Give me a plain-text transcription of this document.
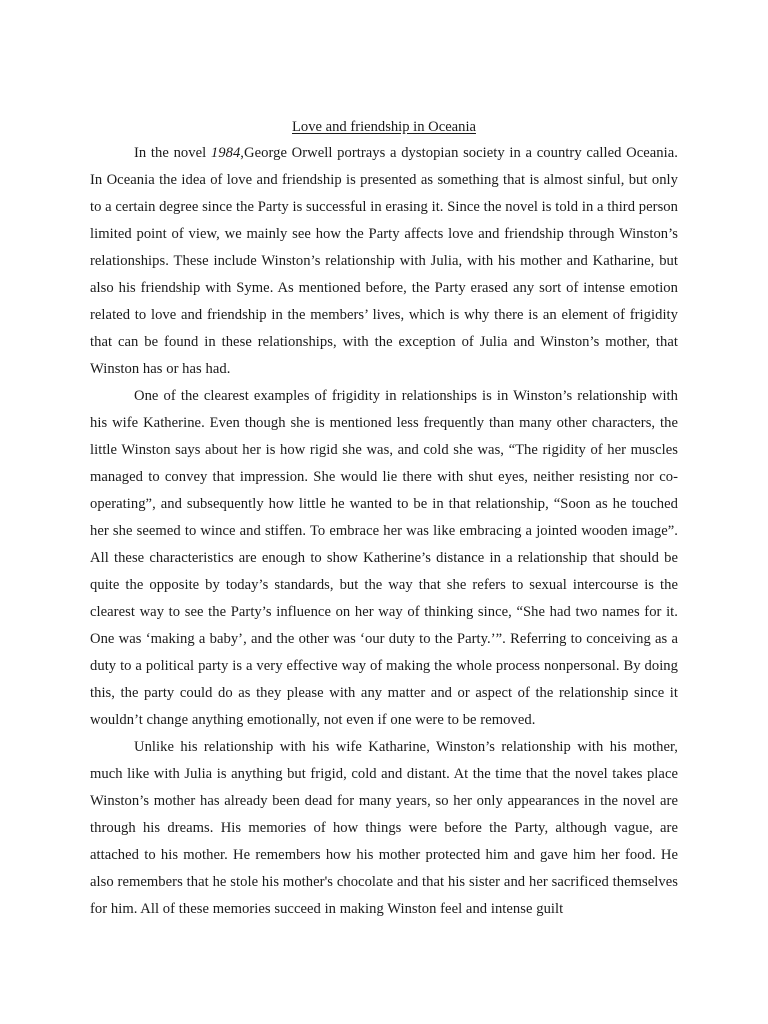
Love and friendship in Oceania

In the novel 1984,George Orwell portrays a dystopian society in a country called Oceania. In Oceania the idea of love and friendship is presented as something that is almost sinful, but only to a certain degree since the Party is successful in erasing it. Since the novel is told in a third person limited point of view, we mainly see how the Party affects love and friendship through Winston’s relationships. These include Winston’s relationship with Julia, with his mother and Katharine, but also his friendship with Syme. As mentioned before, the Party erased any sort of intense emotion related to love and friendship in the members’ lives, which is why there is an element of frigidity that can be found in these relationships, with the exception of Julia and Winston’s mother, that Winston has or has had.

One of the clearest examples of frigidity in relationships is in Winston’s relationship with his wife Katherine. Even though she is mentioned less frequently than many other characters, the little Winston says about her is how rigid she was, and cold she was, “The rigidity of her muscles managed to convey that impression. She would lie there with shut eyes, neither resisting nor co-operating”, and subsequently how little he wanted to be in that relationship, “Soon as he touched her she seemed to wince and stiffen. To embrace her was like embracing a jointed wooden image”. All these characteristics are enough to show Katherine’s distance in a relationship that should be quite the opposite by today’s standards, but the way that she refers to sexual intercourse is the clearest way to see the Party’s influence on her way of thinking since, “She had two names for it. One was ‘making a baby’, and the other was ‘our duty to the Party.’”. Referring to conceiving as a duty to a political party is a very effective way of making the whole process nonpersonal. By doing this, the party could do as they please with any matter and or aspect of the relationship since it wouldn’t change anything emotionally, not even if one were to be removed.

Unlike his relationship with his wife Katharine, Winston’s relationship with his mother, much like with Julia is anything but frigid, cold and distant. At the time that the novel takes place Winston’s mother has already been dead for many years, so her only appearances in the novel are through his dreams. His memories of how things were before the Party, although vague, are attached to his mother. He remembers how his mother protected him and gave him her food. He also remembers that he stole his mother's chocolate and that his sister and her sacrificed themselves for him. All of these memories succeed in making Winston feel and intense guilt
